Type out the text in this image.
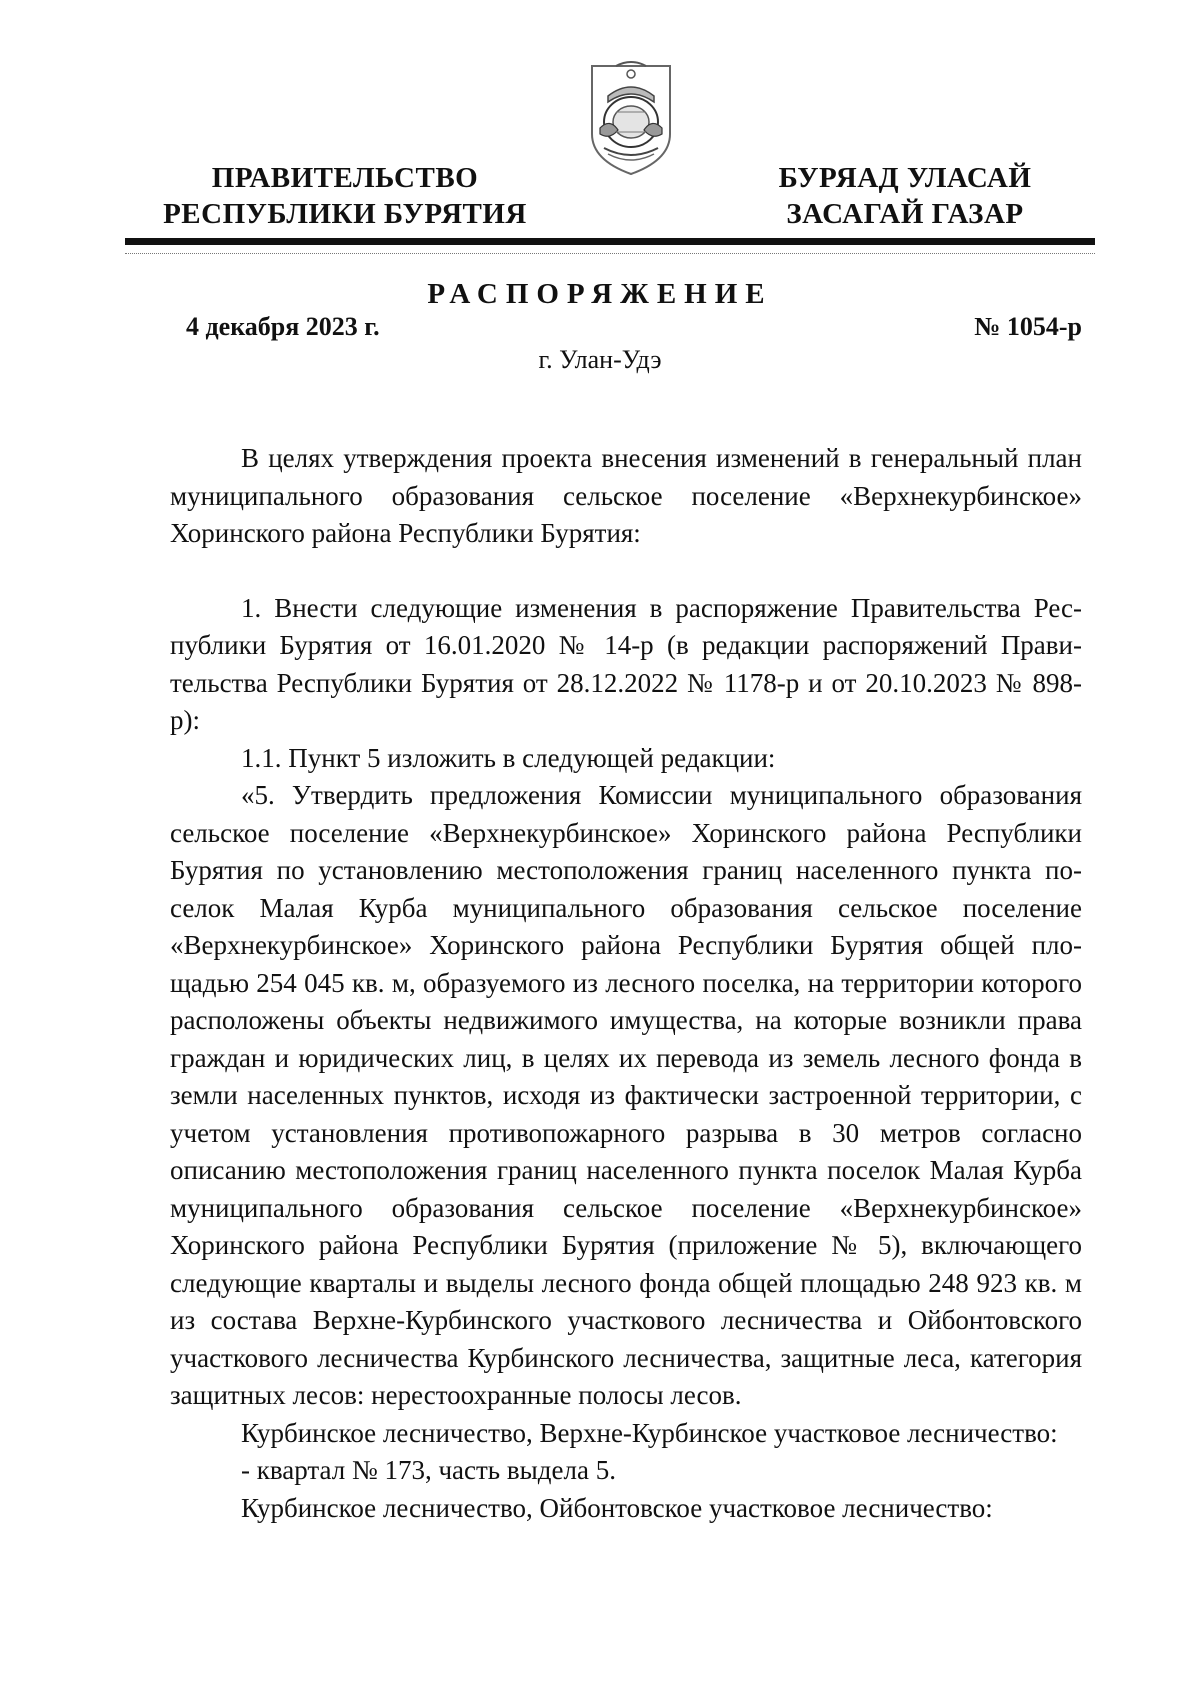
ПРАВИТЕЛЬСТВО
РЕСПУБЛИКИ БУРЯТИЯ
БУРЯАД УЛАСАЙ
ЗАСАГАЙ ГАЗАР
РАСПОРЯЖЕНИЕ
4 декабря 2023 г.	№ 1054-р
г. Улан-Удэ

В целях утверждения проекта внесения изменений в генеральный план муниципального образования сельское поселение «Верхнекурбинское» Хоринского района Республики Бурятия:

1. Внести следующие изменения в распоряжение Правительства Республики Бурятия от 16.01.2020 № 14-р (в редакции распоряжений Правительства Республики Бурятия от 28.12.2022 № 1178-р и от 20.10.2023 № 898-р):

1.1. Пункт 5 изложить в следующей редакции:

«5. Утвердить предложения Комиссии муниципального образования сельское поселение «Верхнекурбинское» Хоринского района Республики Бурятия по установлению местоположения границ населенного пункта поселок Малая Курба муниципального образования сельское поселение «Верхнекурбинское» Хоринского района Республики Бурятия общей площадью 254 045 кв. м, образуемого из лесного поселка, на территории которого расположены объекты недвижимого имущества, на которые возникли права граждан и юридических лиц, в целях их перевода из земель лесного фонда в земли населенных пунктов, исходя из фактически застроенной территории, с учетом установления противопожарного разрыва в 30 метров согласно описанию местоположения границ населенного пункта поселок Малая Курба муниципального образования сельское поселение «Верхнекурбинское» Хоринского района Республики Бурятия (приложение № 5), включающего следующие кварталы и выделы лесного фонда общей площадью 248 923 кв. м из состава Верхне-Курбинского участкового лесничества и Ойбонтовского участкового лесничества Курбинского лесничества, защитные леса, категория защитных лесов: нерестоохранные полосы лесов.

Курбинское лесничество, Верхне-Курбинское участковое лесничество:

- квартал № 173, часть выдела 5.

Курбинское лесничество, Ойбонтовское участковое лесничество:
